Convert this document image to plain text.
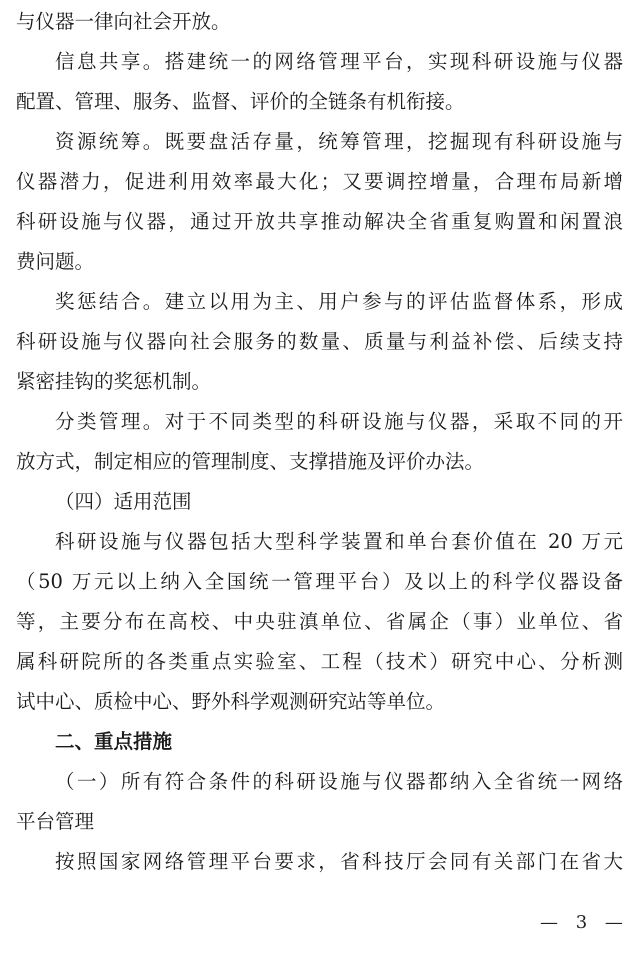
与仪器一律向社会开放。
信息共享。搭建统一的网络管理平台，实现科研设施与仪器
配置、管理、服务、监督、评价的全链条有机衔接。
资源统筹。既要盘活存量，统筹管理，挖掘现有科研设施与
仪器潜力，促进利用效率最大化；又要调控增量，合理布局新增
科研设施与仪器，通过开放共享推动解决全省重复购置和闲置浪
费问题。
奖惩结合。建立以用为主、用户参与的评估监督体系，形成
科研设施与仪器向社会服务的数量、质量与利益补偿、后续支持
紧密挂钩的奖惩机制。
分类管理。对于不同类型的科研设施与仪器，采取不同的开
放方式，制定相应的管理制度、支撑措施及评价办法。
（四）适用范围
科研设施与仪器包括大型科学装置和单台套价值在 20 万元
（50 万元以上纳入全国统一管理平台）及以上的科学仪器设备
等，主要分布在高校、中央驻滇单位、省属企（事）业单位、省
属科研院所的各类重点实验室、工程（技术）研究中心、分析测
试中心、质检中心、野外科学观测研究站等单位。
二、重点措施
（一）所有符合条件的科研设施与仪器都纳入全省统一网络
平台管理
按照国家网络管理平台要求，省科技厅会同有关部门在省大
— 3 —
